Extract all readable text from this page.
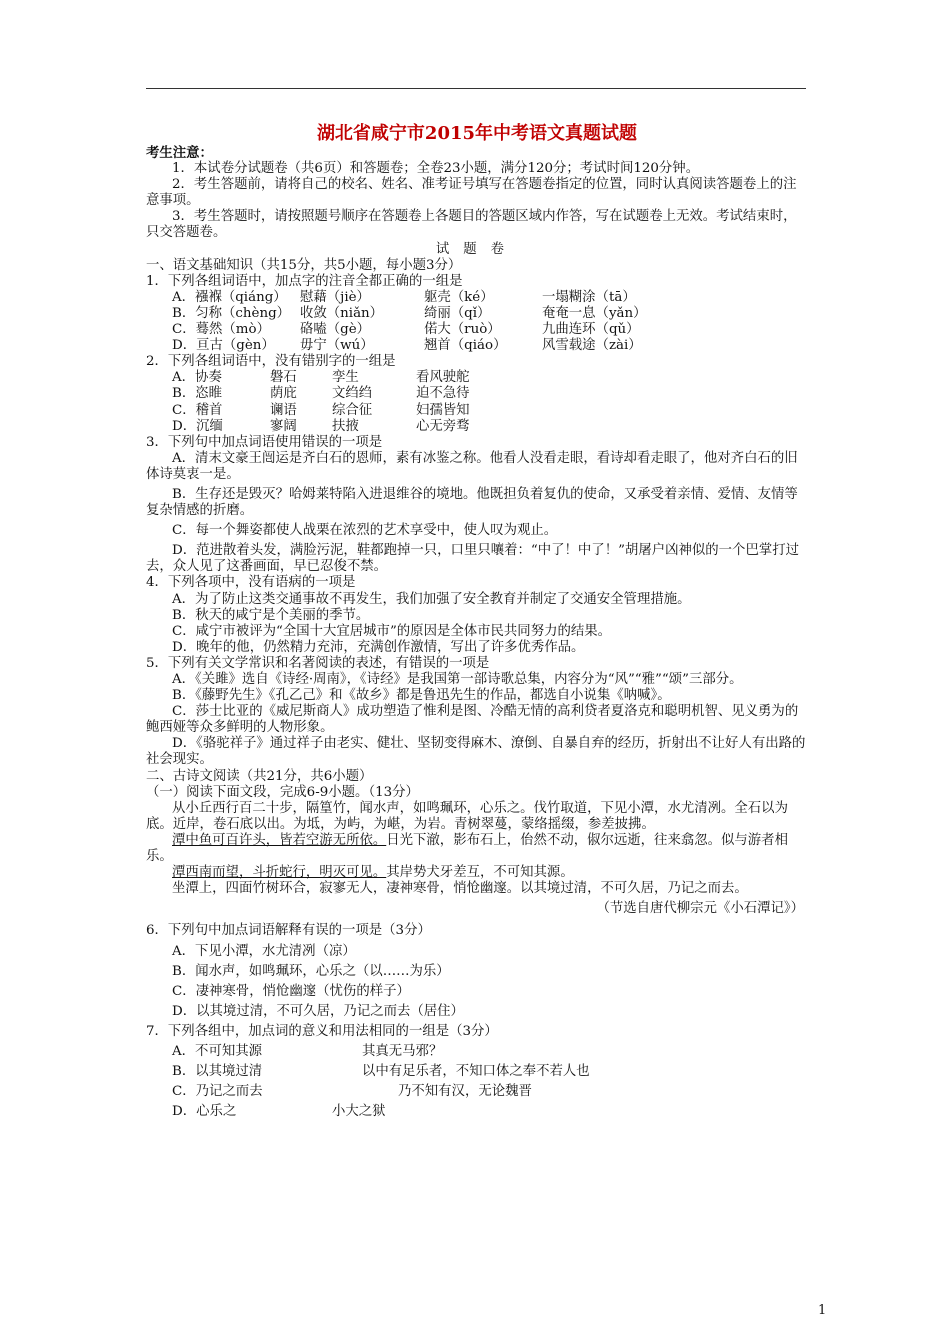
湖北省咸宁市2015年中考语文真题试题

考生注意：

1．本试卷分试题卷（共6页）和答题卷；全卷23小题，满分120分；考试时间120分钟。

2．考生答题前，请将自己的校名、姓名、准考证号填写在答题卷指定的位置，同时认真阅读答题卷上的注意事项。

3．考生答题时，请按照题号顺序在答题卷上各题目的答题区域内作答，写在试题卷上无效。考试结束时，只交答题卷。

试题卷

一、语文基础知识（共15分，共5小题，每小题3分）

1．下列各组词语中，加点字的注音全都正确的一组是

A．襁褓（qiáng） 慰藉（jiè）	躯壳（ké）	一塌糊涂（tā）
B．匀称（chèng） 收敛（niǎn）	绮丽（qǐ）	奄奄一息（yǎn）
C．蓦然（mò）	硌嗑（gè）	偌大（ruò）	九曲连环（qǔ）
D．亘古（gèn）	毋宁（wú）	翘首（qiáo）	风雪载途（zài）

2．下列各组词语中，没有错别字的一组是

A．协奏	磐石	孪生	看风驶舵
B．恣睢	荫庇	文绉绉	迫不急待
C．稽首	谰语	综合征	妇孺皆知
D．沉缅	寥阔	扶掖	心无旁骛

3．下列句中加点词语使用错误的一项是

A．清末文豪王闿运是齐白石的恩师，素有冰鉴之称。他看人没看走眼，看诗却看走眼了，他对齐白石的旧体诗莫衷一是。

B．生存还是毁灭？哈姆莱特陷入进退维谷的境地。他既担负着复仇的使命，又承受着亲情、爱情、友情等复杂情感的折磨。

C．每一个舞姿都使人战栗在浓烈的艺术享受中，使人叹为观止。

D．范进散着头发，满脸污泥，鞋都跑掉一只，口里只嚷着：“中了！中了！”胡屠户凶神似的一个巴掌打过去，众人见了这番画面，早已忍俊不禁。

4．下列各项中，没有语病的一项是

A．为了防止这类交通事故不再发生，我们加强了安全教育并制定了交通安全管理措施。

B．秋天的咸宁是个美丽的季节。

C．咸宁市被评为“全国十大宜居城市”的原因是全体市民共同努力的结果。

D．晚年的他，仍然精力充沛，充满创作激情，写出了许多优秀作品。

5．下列有关文学常识和名著阅读的表述，有错误的一项是

A．《关雎》选自《诗经·周南》，《诗经》是我国第一部诗歌总集，内容分为“风”“雅”“颂”三部分。

B．《藤野先生》《孔乙己》和《故乡》都是鲁迅先生的作品，都选自小说集《呐喊》。

C．莎士比亚的《威尼斯商人》成功塑造了惟利是图、冷酷无情的高利贷者夏洛克和聪明机智、见义勇为的鲍西娅等众多鲜明的人物形象。

D．《骆驼祥子》通过祥子由老实、健壮、坚韧变得麻木、潦倒、自暴自弃的经历，折射出不让好人有出路的社会现实。

二、古诗文阅读（共21分，共6小题）

（一）阅读下面文段，完成6-9小题。（13分）

从小丘西行百二十步，隔篁竹，闻水声，如鸣珮环，心乐之。伐竹取道，下见小潭，水尤清冽。全石以为底。近岸，卷石底以出。为坻，为屿，为嵁，为岩。青树翠蔓，蒙络摇缀，参差披拂。

潭中鱼可百许头，皆若空游无所依。日光下澈，影布石上，佁然不动，俶尔远逝，往来翕忽。似与游者相乐。

潭西南而望，斗折蛇行，明灭可见。其岸势犬牙差互，不可知其源。

坐潭上，四面竹树环合，寂寥无人，凄神寒骨，悄怆幽邃。以其境过清，不可久居，乃记之而去。

（节选自唐代柳宗元《小石潭记》）

6．下列句中加点词语解释有误的一项是（3分）

A．下见小潭，水尤清冽（凉）

B．闻水声，如鸣珮环，心乐之（以……为乐）

C．凄神寒骨，悄怆幽邃（忧伤的样子）

D．以其境过清，不可久居，乃记之而去（居住）

7．下列各组中，加点词的意义和用法相同的一组是（3分）

A．不可知其源	其真无马邪？
B．以其境过清	以中有足乐者，不知口体之奉不若人也
C．乃记之而去	乃不知有汉，无论魏晋
D．心乐之	小大之狱
1
